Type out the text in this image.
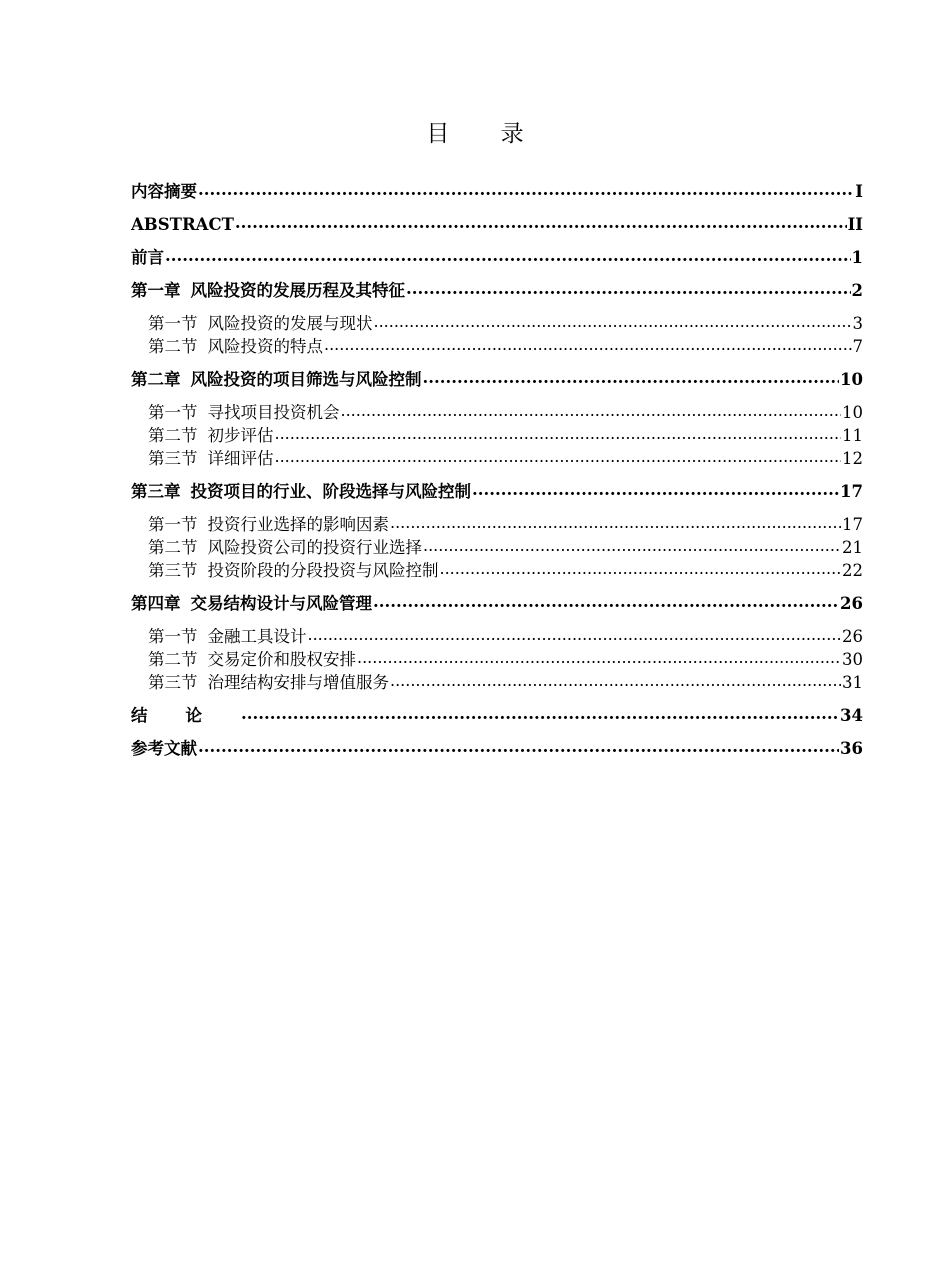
目 录
内容摘要 .....	I
ABSTRACT .....	II
前言 .....	1
第一章 风险投资的发展历程及其特征 .....	2
第一节 风险投资的发展与现状 .....	3
第二节 风险投资的特点 .....	7
第二章 风险投资的项目筛选与风险控制 .....	10
第一节 寻找项目投资机会 .....	10
第二节 初步评估 .....	11
第三节 详细评估 .....	12
第三章 投资项目的行业、阶段选择与风险控制 .....	17
第一节 投资行业选择的影响因素 .....	17
第二节 风险投资公司的投资行业选择 .....	21
第三节 投资阶段的分段投资与风险控制 .....	22
第四章 交易结构设计与风险管理 .....	26
第一节 金融工具设计 .....	26
第二节 交易定价和股权安排 .....	30
第三节 治理结构安排与增值服务 .....	31
结论 .....	34
参考文献 .....	36
